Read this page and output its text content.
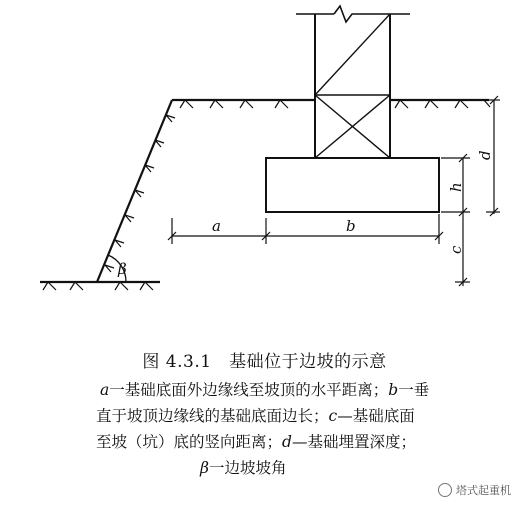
a	b
β
h
c
d
图 4.3.1　基础位于边坡的示意

a一基础底面外边缘线至坡顶的水平距离；b一垂

直于坡顶边缘线的基础底面边长；c—基础底面

至坡（坑）底的竖向距离；d—基础埋置深度；

β一边坡坡角

塔式起重机
